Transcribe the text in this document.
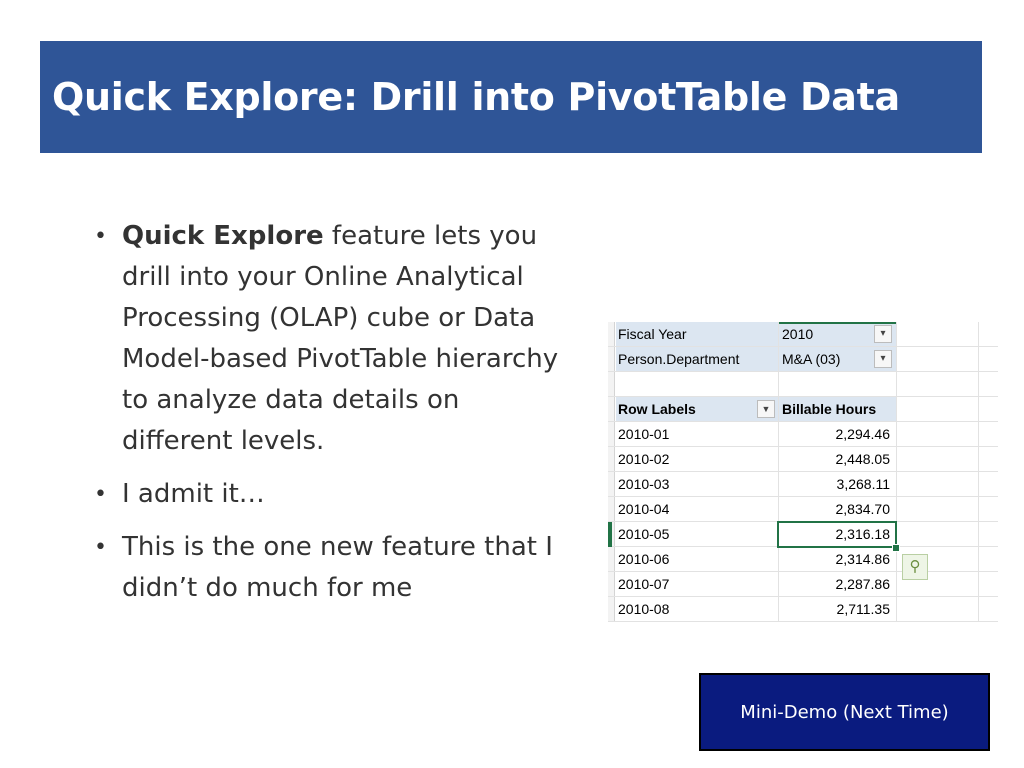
Quick Explore: Drill into PivotTable Data
• Quick Explore feature lets you drill into your Online Analytical Processing (OLAP) cube or Data Model-based PivotTable hierarchy to analyze data details on different levels.
• I admit it…
• This is the one new feature that I didn’t do much for me
Fiscal Year	2010	▾
Person.Department	M&A (03)	▾
Row Labels	▼ Billable Hours
2010-01	2,294.46
2010-02	2,448.05
2010-03	3,268.11
2010-04	2,834.70
2010-05	2,316.18
2010-06	2,314.86
2010-07	2,287.86
2010-08	2,711.35
⚲
Mini-Demo (Next Time)
